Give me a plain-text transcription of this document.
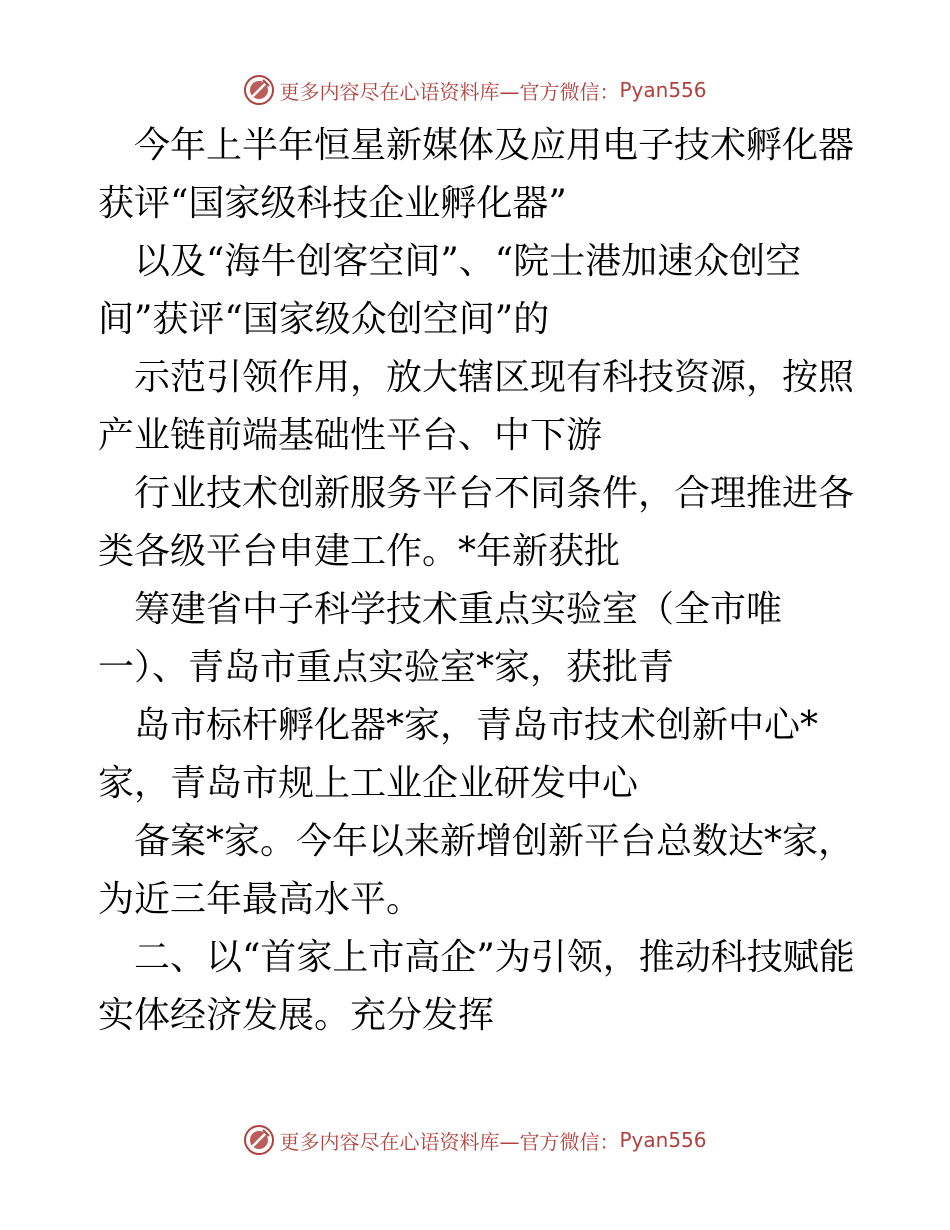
更多内容尽在心语资料库—官方微信： Pyan556

今年上半年恒星新媒体及应用电子技术孵化器获评“国家级科技企业孵化器”

以及“海牛创客空间”、“院士港加速众创空间”获评“国家级众创空间”的

示范引领作用，放大辖区现有科技资源，按照产业链前端基础性平台、中下游

行业技术创新服务平台不同条件，合理推进各类各级平台申建工作。*年新获批

筹建省中子科学技术重点实验室（全市唯一）、青岛市重点实验室*家，获批青

岛市标杆孵化器*家，青岛市技术创新中心*家，青岛市规上工业企业研发中心

备案*家。今年以来新增创新平台总数达*家，为近三年最高水平。

二、以“首家上市高企”为引领，推动科技赋能实体经济发展。充分发挥

更多内容尽在心语资料库—官方微信： Pyan556
